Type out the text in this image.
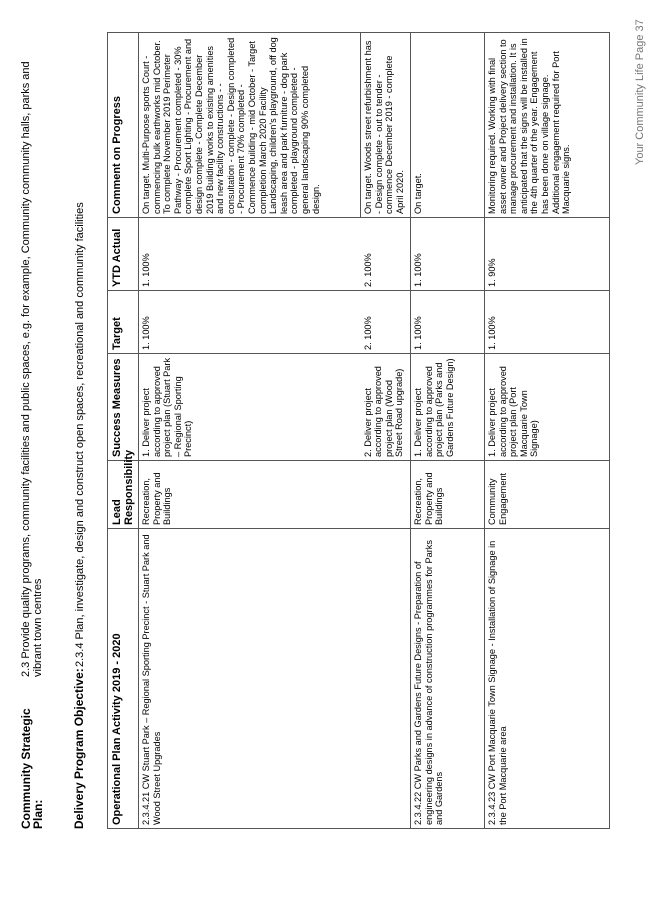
Community Strategic Plan:2.3 Provide quality programs, community facilities and public spaces, e.g. for example, Community community halls, parks and vibrant town centres
Delivery Program Objective:2.3.4 Plan, investigate, design and construct open spaces, recreational and community facilities
Operational Plan Activity 2019 - 2020	Lead Responsibility	Success Measures	Target	YTD Actual	Comment on Progress
2.3.4.21 CW Stuart Park – Regional Sporting Precinct - Stuart Park and Wood Street Upgrades	Recreation, Property and Buildings	1. Deliver project according to approved project plan (Stuart Park – Regional Sporting Precinct)	1. 100%	1. 100%	On target. Multi-Purpose sports Court - commencing bulk earthworks mid October. To complete November 2019 Perimeter Pathway - Procurement completed - 30% complete Sport Lighting - Procurement and design complete - Complete December 2019 Building works to existing amenities and new facility constructions - - consultation - complete - Design completed - Procurement 70% completed - Commence building - mid October - Target completion March 2020 Facility Landscaping, children's playground, off dog leash area and park furniture - dog park completed - playground completed - general landscaping 90% completed design.
		2. Deliver project according to approved project plan (Wood Street Road upgrade)	2. 100%	2. 100%	On target. Woods street refurbishment has - Design complete - out to tender - commence December 2019 - complete April 2020.
2.3.4.22 CW Parks and Gardens Future Designs - Preparation of engineering designs in advance of construction programmes for Parks and Gardens	Recreation, Property and Buildings	1. Deliver project according to approved project plan (Parks and Gardens Future Design)	1. 100%	1. 100%	On target.
2.3.4.23 CW Port Macquarie Town Signage - Installation of Signage in the Port Macquarie area	Community Engagement	1. Deliver project according to approved project plan (Port Macquarie Town Signage)	1. 100%	1. 90%	Monitoring required. Working with final asset owner and Project delivery section to manage procurement and installation. It is anticipated that the signs will be installed in the 4th quarter of the year. Engagement has been done on village signage. Additional engagement required for Port Macquarie signs.
Your Community Life Page 37
